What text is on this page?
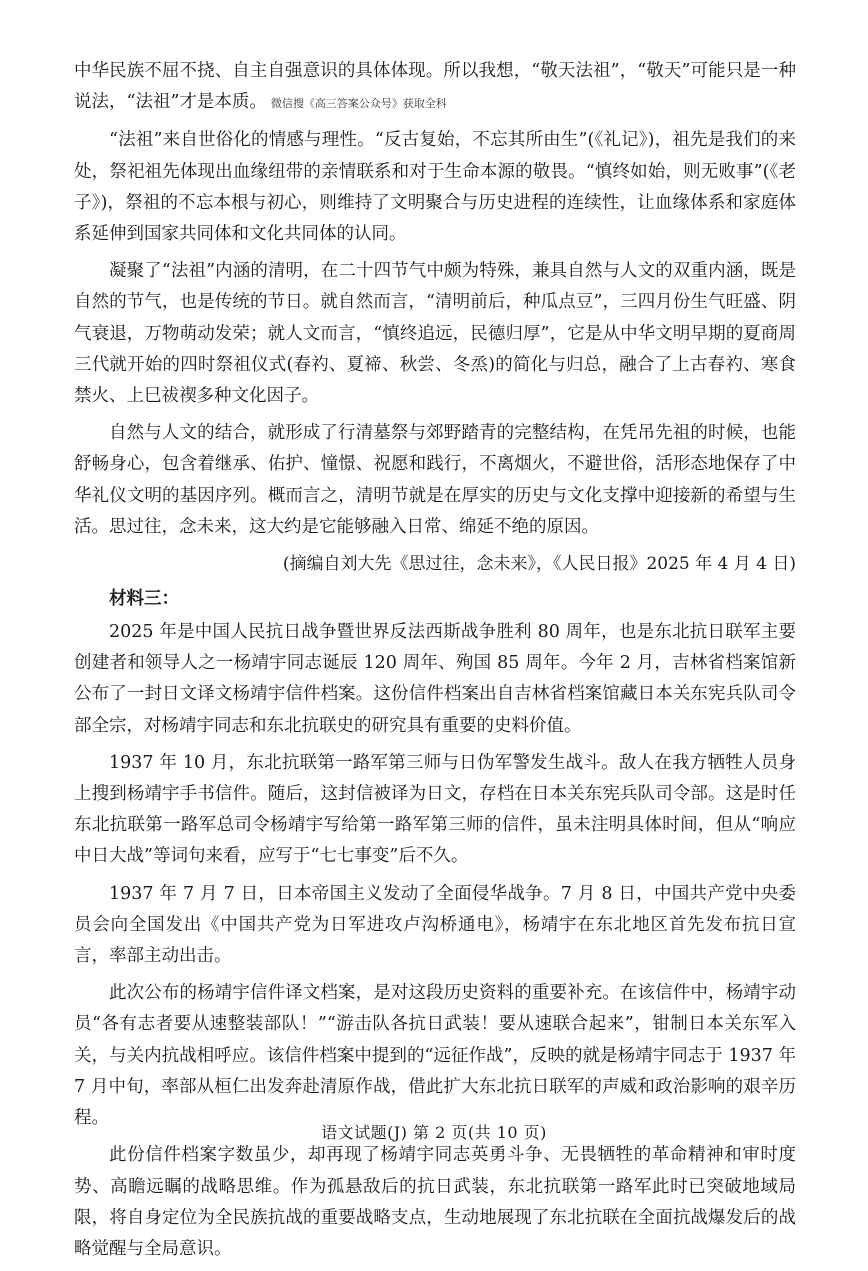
中华民族不屈不挠、自主自强意识的具体体现。所以我想，“敬天法祖”，“敬天”可能只是一种说法，“法祖”才是本质。 微信搜《高三答案公众号》获取全科

“法祖”来自世俗化的情感与理性。“反古复始，不忘其所由生”(《礼记》)，祖先是我们的来处，祭祀祖先体现出血缘纽带的亲情联系和对于生命本源的敬畏。“慎终如始，则无败事”(《老子》)，祭祖的不忘本根与初心，则维持了文明聚合与历史进程的连续性，让血缘体系和家庭体系延伸到国家共同体和文化共同体的认同。

凝聚了“法祖”内涵的清明，在二十四节气中颇为特殊，兼具自然与人文的双重内涵，既是自然的节气，也是传统的节日。就自然而言，“清明前后，种瓜点豆”，三四月份生气旺盛、阴气衰退，万物萌动发荣；就人文而言，“慎终追远，民德归厚”，它是从中华文明早期的夏商周三代就开始的四时祭祖仪式(春礿、夏禘、秋尝、冬烝)的简化与归总，融合了上古春礿、寒食禁火、上巳祓禊多种文化因子。

自然与人文的结合，就形成了行清墓祭与郊野踏青的完整结构，在凭吊先祖的时候，也能舒畅身心，包含着继承、佑护、憧憬、祝愿和践行，不离烟火，不避世俗，活形态地保存了中华礼仪文明的基因序列。概而言之，清明节就是在厚实的历史与文化支撑中迎接新的希望与生活。思过往，念未来，这大约是它能够融入日常、绵延不绝的原因。

(摘编自刘大先《思过往，念未来》，《人民日报》2025 年 4 月 4 日)

材料三：

2025 年是中国人民抗日战争暨世界反法西斯战争胜利 80 周年，也是东北抗日联军主要创建者和领导人之一杨靖宇同志诞辰 120 周年、殉国 85 周年。今年 2 月，吉林省档案馆新公布了一封日文译文杨靖宇信件档案。这份信件档案出自吉林省档案馆藏日本关东宪兵队司令部全宗，对杨靖宇同志和东北抗联史的研究具有重要的史料价值。

1937 年 10 月，东北抗联第一路军第三师与日伪军警发生战斗。敌人在我方牺牲人员身上搜到杨靖宇手书信件。随后，这封信被译为日文，存档在日本关东宪兵队司令部。这是时任东北抗联第一路军总司令杨靖宇写给第一路军第三师的信件，虽未注明具体时间，但从“响应中日大战”等词句来看，应写于“七七事变”后不久。

1937 年 7 月 7 日，日本帝国主义发动了全面侵华战争。7 月 8 日，中国共产党中央委员会向全国发出《中国共产党为日军进攻卢沟桥通电》，杨靖宇在东北地区首先发布抗日宣言，率部主动出击。

此次公布的杨靖宇信件译文档案，是对这段历史资料的重要补充。在该信件中，杨靖宇动员“各有志者要从速整装部队！”“游击队各抗日武装！要从速联合起来”，钳制日本关东军入关，与关内抗战相呼应。该信件档案中提到的“远征作战”，反映的就是杨靖宇同志于 1937 年 7 月中旬，率部从桓仁出发奔赴清原作战，借此扩大东北抗日联军的声威和政治影响的艰辛历程。

此份信件档案字数虽少，却再现了杨靖宇同志英勇斗争、无畏牺牲的革命精神和审时度势、高瞻远瞩的战略思维。作为孤悬敌后的抗日武装，东北抗联第一路军此时已突破地域局限，将自身定位为全民族抗战的重要战略支点，生动地展现了东北抗联在全面抗战爆发后的战略觉醒与全局意识。

语文试题(J) 第 2 页(共 10 页)
